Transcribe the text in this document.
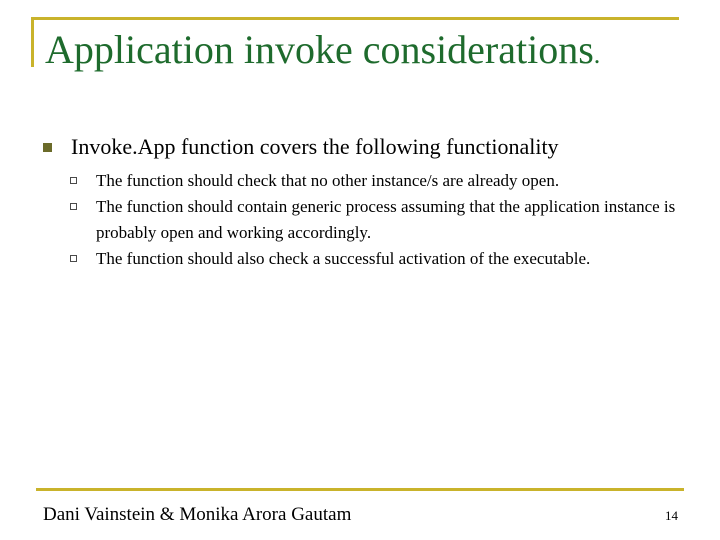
Application invoke considerations.
Invoke.App function covers the following functionality
The function should check that no other instance/s are already open.
The function should contain generic process assuming that the application instance is probably open and working accordingly.
The function should also check a successful activation of the executable.
Dani Vainstein & Monika Arora Gautam	14
